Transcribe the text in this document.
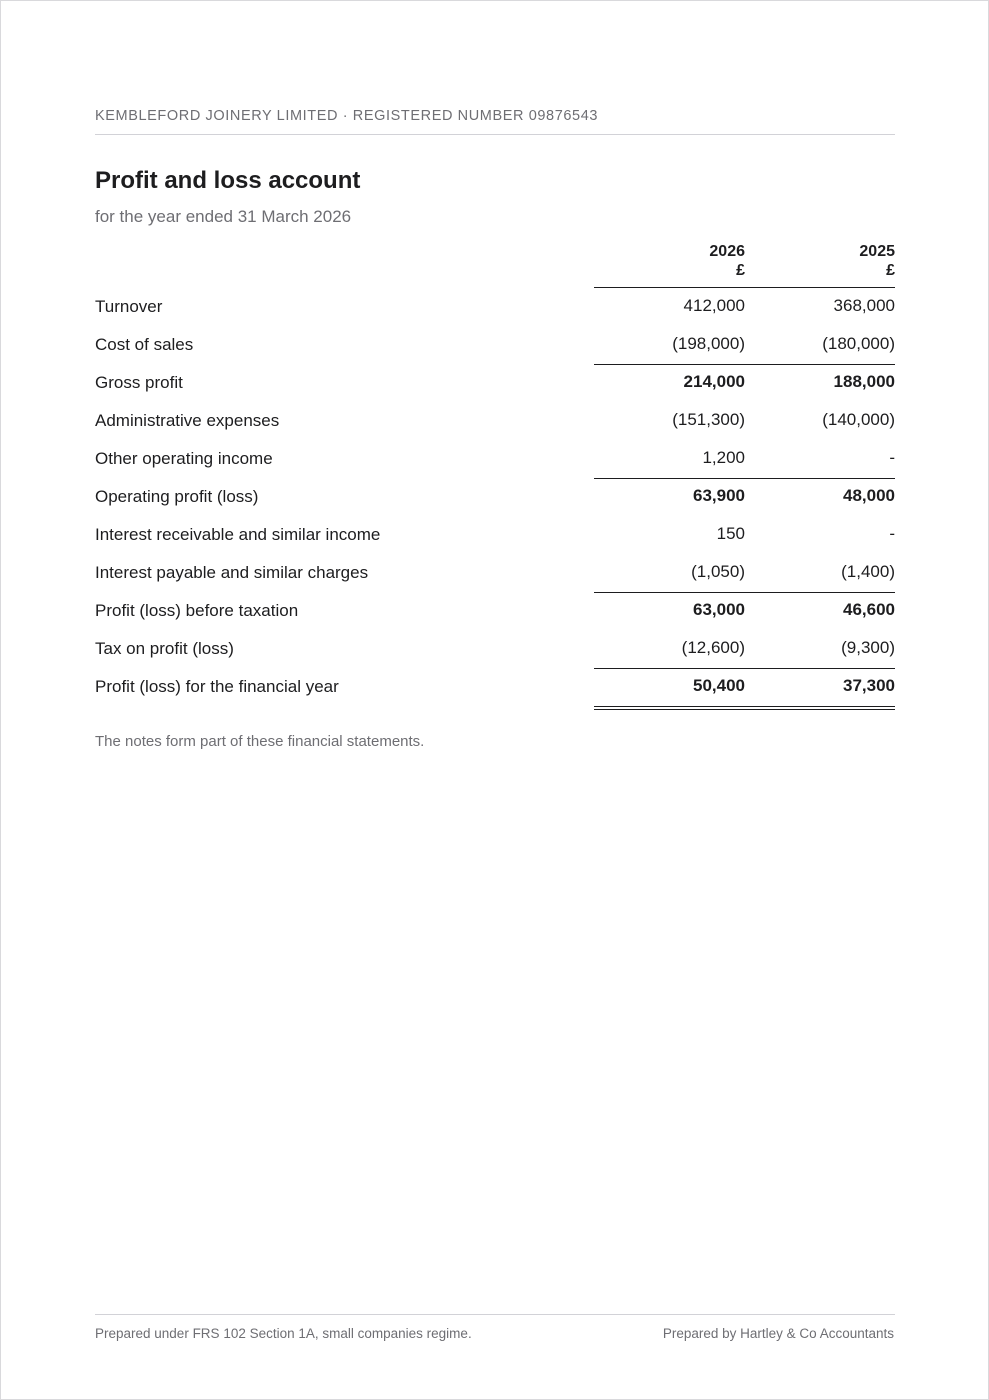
KEMBLEFORD JOINERY LIMITED · REGISTERED NUMBER 09876543
Profit and loss account
for the year ended 31 March 2026
2026
£
2025
£
Turnover	412,000	368,000
Cost of sales	(198,000)	(180,000)
Gross profit	214,000	188,000
Administrative expenses	(151,300)	(140,000)
Other operating income	1,200	-
Operating profit (loss)	63,900	48,000
Interest receivable and similar income	150	-
Interest payable and similar charges	(1,050)	(1,400)
Profit (loss) before taxation	63,000	46,600
Tax on profit (loss)	(12,600)	(9,300)
Profit (loss) for the financial year	50,400	37,300
The notes form part of these financial statements.
Prepared under FRS 102 Section 1A, small companies regime.	Prepared by Hartley & Co Accountants
